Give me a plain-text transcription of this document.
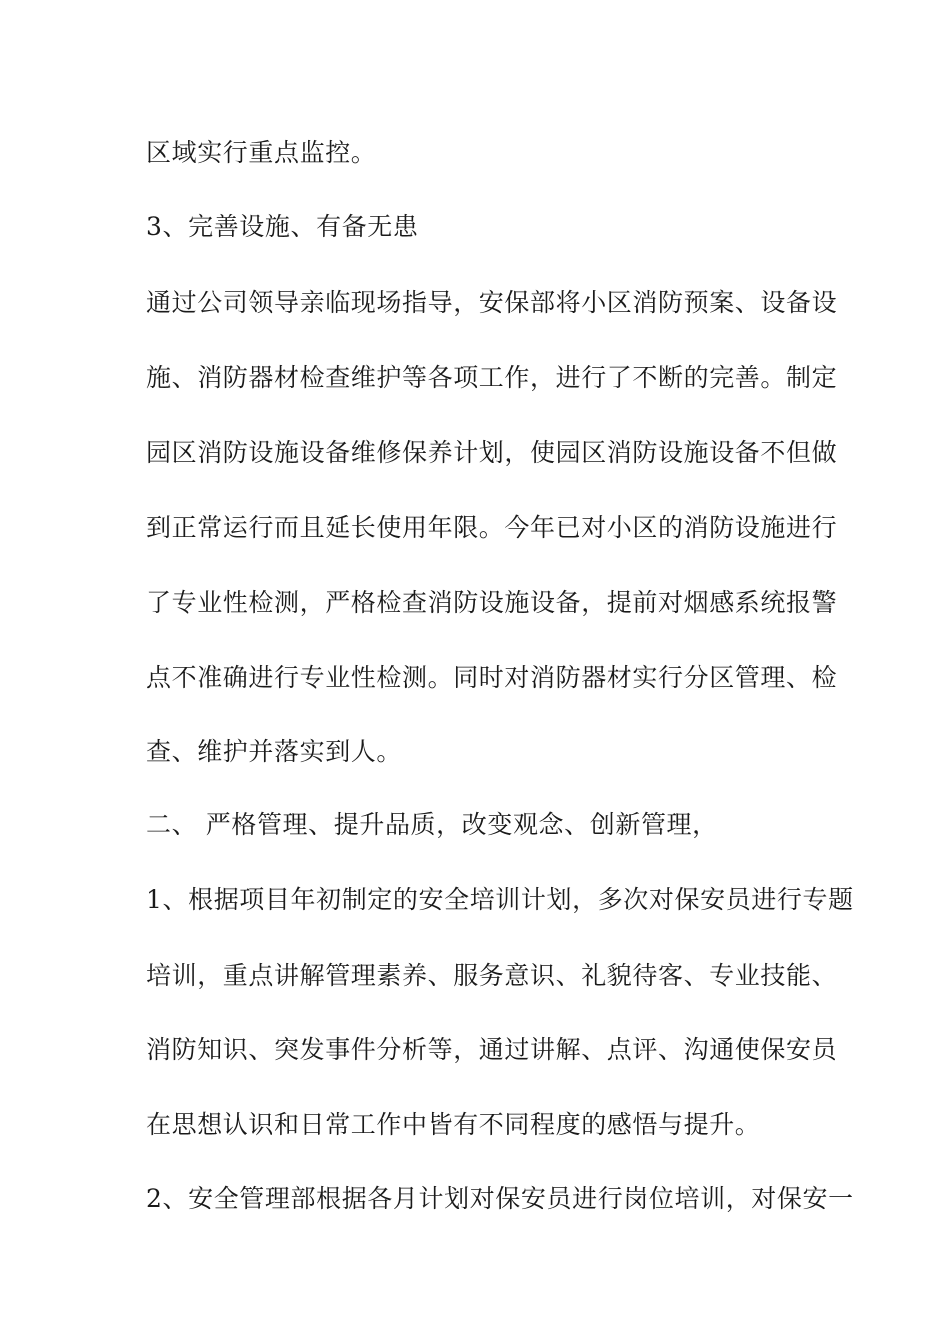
区域实行重点监控。
3、完善设施、有备无患
通过公司领导亲临现场指导，安保部将小区消防预案、设备设
施、消防器材检查维护等各项工作，进行了不断的完善。制定
园区消防设施设备维修保养计划，使园区消防设施设备不但做
到正常运行而且延长使用年限。今年已对小区的消防设施进行
了专业性检测，严格检查消防设施设备，提前对烟感系统报警
点不准确进行专业性检测。同时对消防器材实行分区管理、检
查、维护并落实到人。
二、 严格管理、提升品质，改变观念、创新管理，
1、根据项目年初制定的安全培训计划，多次对保安员进行专题
培训，重点讲解管理素养、服务意识、礼貌待客、专业技能、
消防知识、突发事件分析等，通过讲解、点评、沟通使保安员
在思想认识和日常工作中皆有不同程度的感悟与提升。
2、安全管理部根据各月计划对保安员进行岗位培训，对保安一
